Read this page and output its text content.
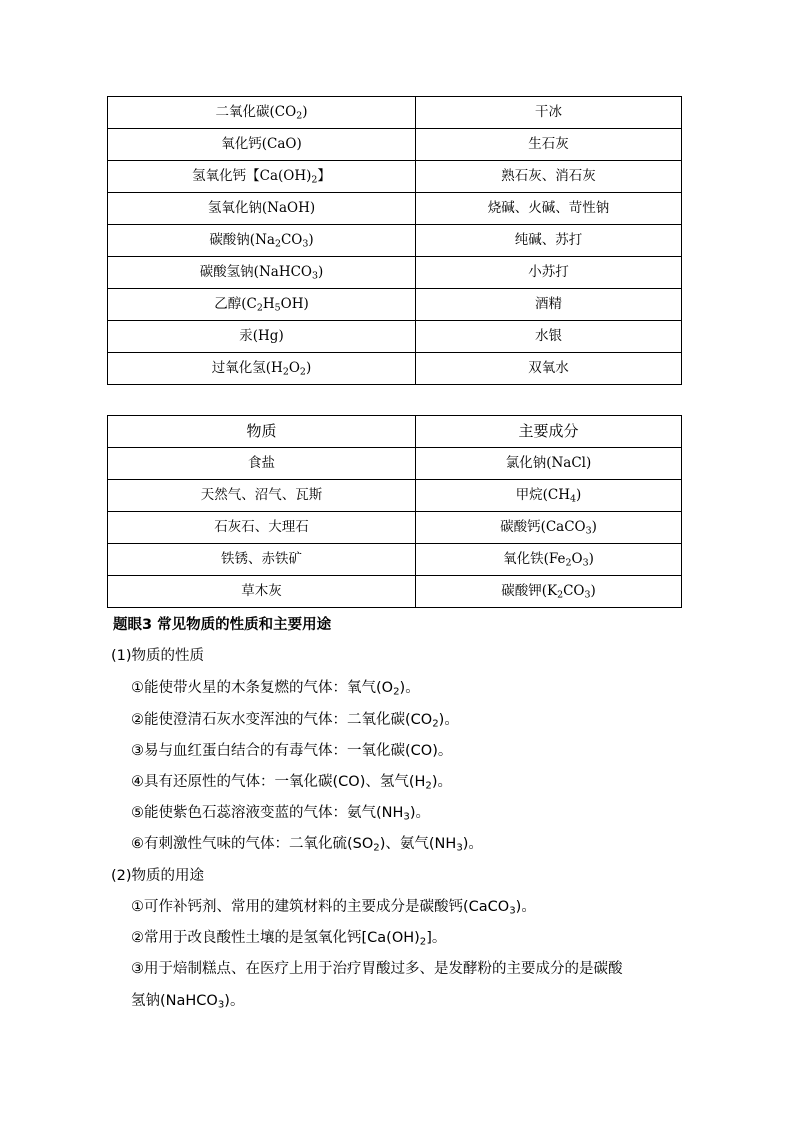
二氧化碳$(CO_2)$	干冰
氧化钙(CaO)	生石灰
氢氧化钙【$Ca(OH)_2$】	熟石灰、消石灰
氢氧化钠(NaOH)	烧碱、火碱、苛性钠
碳酸钠$(Na_2CO_3)$	纯碱、苏打
碳酸氢钠(NaHCO$_3$)	小苏打
乙醇$(C_2H_5OH)$	酒精
汞(Hg)	水银
过氧化氢$(H_2O_2)$	双氧水
物质	主要成分
食盐	氯化钠(NaCl)
天然气、沼气、瓦斯	甲烷$(CH_4)$
石灰石、大理石	碳酸钙(CaCO$_3$)
铁锈、赤铁矿	氧化铁$(Fe_2O_3)$
草木灰	碳酸钾$(K_2CO_3)$
题眼3 常见物质的性质和主要用途
(1)物质的性质
①能使带火星的木条复燃的气体：氧气$(O_2)$。
②能使澄清石灰水变浑浊的气体：二氧化碳$(CO_2)$。
③易与血红蛋白结合的有毒气体：一氧化碳(CO)。
④具有还原性的气体：一氧化碳(CO)、氢气$(H_2)$。
⑤能使紫色石蕊溶液变蓝的气体：氨气$(NH_3)$。
⑥有刺激性气味的气体：二氧化硫$(SO_2)$、氨气$(NH_3)$。
(2)物质的用途
①可作补钙剂、常用的建筑材料的主要成分是碳酸钙(CaCO$_3$)。
②常用于改良酸性土壤的是氢氧化钙$[Ca(OH)_2]$。
③用于焙制糕点、在医疗上用于治疗胃酸过多、是发酵粉的主要成分的是碳酸
氢钠(NaHCO$_3$)。
